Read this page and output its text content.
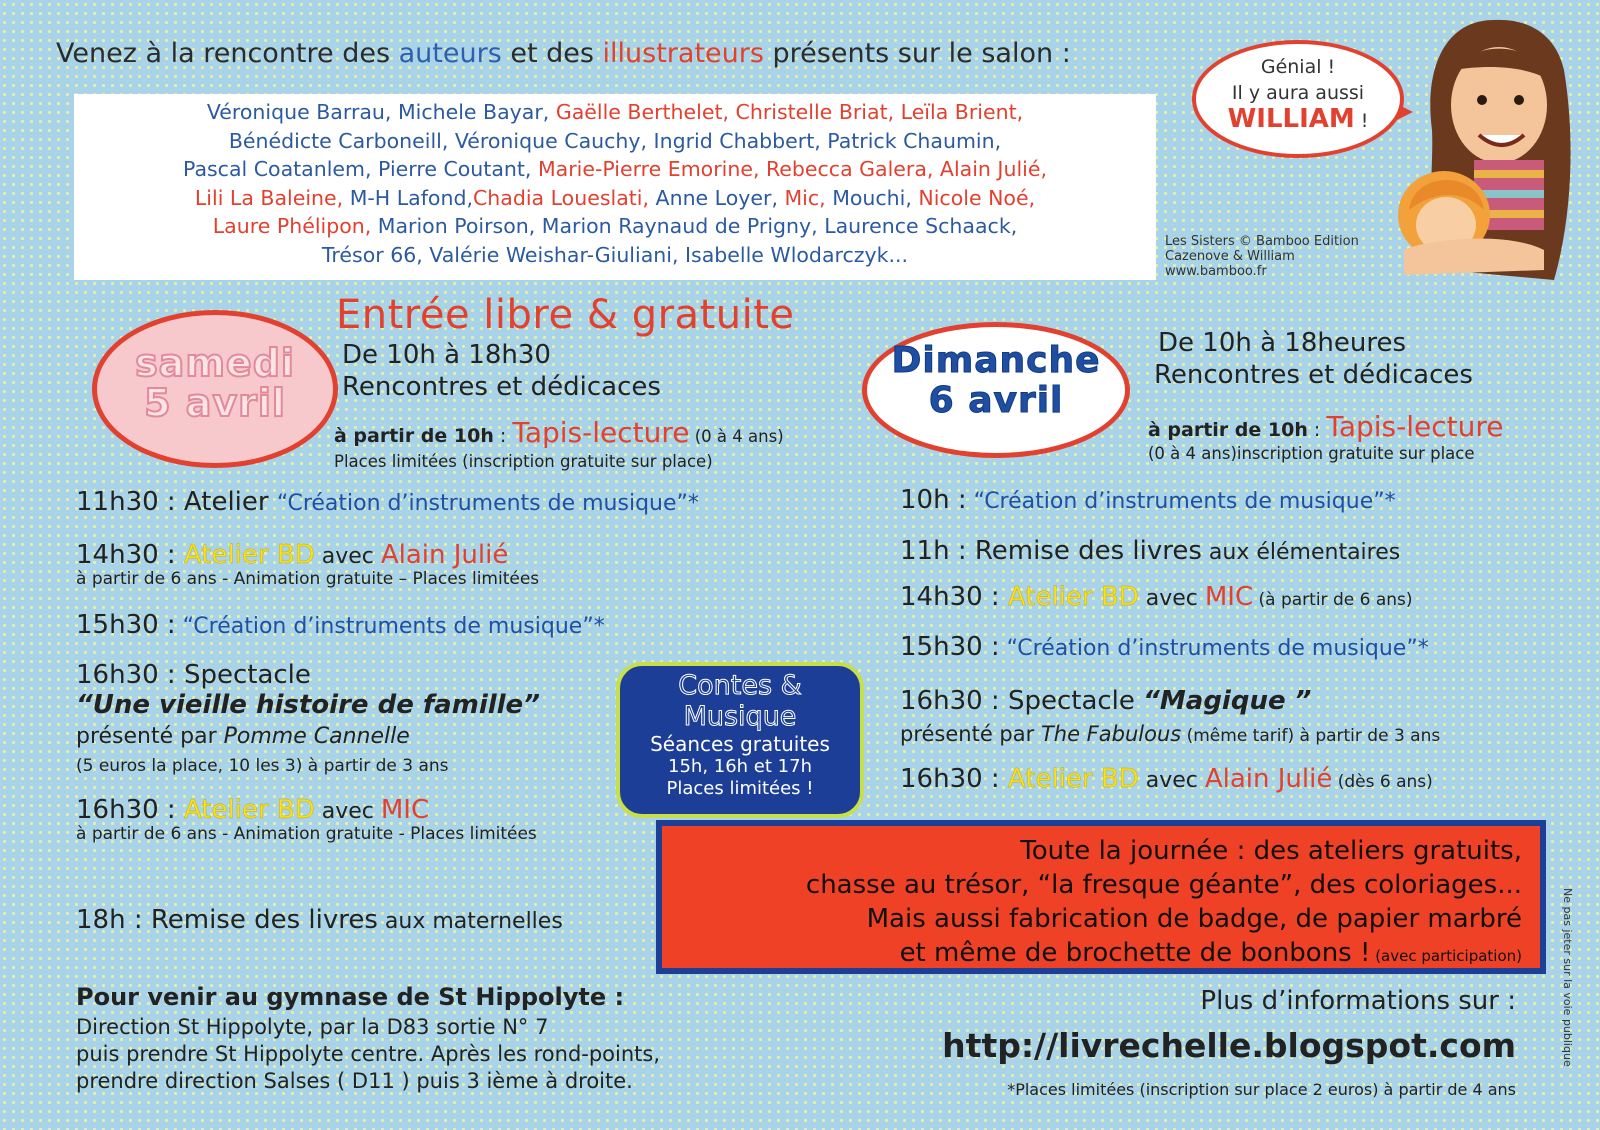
Venez à la rencontre des auteurs et des illustrateurs présents sur le salon :
Véronique Barrau, Michele Bayar, Gaëlle Berthelet, Christelle Briat, Leïla Brient,
Bénédicte Carboneill, Véronique Cauchy, Ingrid Chabbert, Patrick Chaumin,
Pascal Coatanlem, Pierre Coutant, Marie-Pierre Emorine, Rebecca Galera, Alain Julié,
Lili La Baleine, M-H Lafond,Chadia Loueslati, Anne Loyer, Mic, Mouchi, Nicole Noé,
Laure Phélipon, Marion Poirson, Marion Raynaud de Prigny, Laurence Schaack,
Trésor 66, Valérie Weishar-Giuliani, Isabelle Wlodarczyk...
Génial !
Il y aura aussi
WILLIAM !
Les Sisters © Bamboo Edition
Cazenove & William
www.bamboo.fr
Entrée libre & gratuite
samedi
5 avril
De 10h à 18h30
Rencontres et dédicaces
à partir de 10h : Tapis-lecture (0 à 4 ans)
Places limitées (inscription gratuite sur place)
11h30 : Atelier “Création d’instruments de musique”*
14h30 : Atelier BD avec Alain Julié
à partir de 6 ans - Animation gratuite – Places limitées
15h30 : “Création d’instruments de musique”*
16h30 : Spectacle
“Une vieille histoire de famille”
présenté par Pomme Cannelle
(5 euros la place, 10 les 3) à partir de 3 ans
16h30 : Atelier BD avec MIC
à partir de 6 ans - Animation gratuite - Places limitées
18h : Remise des livres aux maternelles
Dimanche
6 avril
De 10h à 18heures
Rencontres et dédicaces
à partir de 10h : Tapis-lecture
(0 à 4 ans)inscription gratuite sur place
10h : “Création d’instruments de musique”*
11h : Remise des livres aux élémentaires
14h30 : Atelier BD avec MIC (à partir de 6 ans)
15h30 : “Création d’instruments de musique”*
16h30 : Spectacle “Magique ”
présenté par The Fabulous (même tarif) à partir de 3 ans
16h30 : Atelier BD avec Alain Julié (dès 6 ans)
Contes &
Musique
Séances gratuites
15h, 16h et 17h
Places limitées !
Toute la journée : des ateliers gratuits,
chasse au trésor, “la fresque géante”, des coloriages...
Mais aussi fabrication de badge, de papier marbré
et même de brochette de bonbons ! (avec participation)
Pour venir au gymnase de St Hippolyte :
Direction St Hippolyte, par la D83 sortie N° 7
puis prendre St Hippolyte centre. Après les rond-points,
prendre direction Salses ( D11 ) puis 3 ième à droite.
Plus d’informations sur :
http://livrechelle.blogspot.com
*Places limitées (inscription sur place 2 euros) à partir de 4 ans
Ne pas jeter sur la voie publique
